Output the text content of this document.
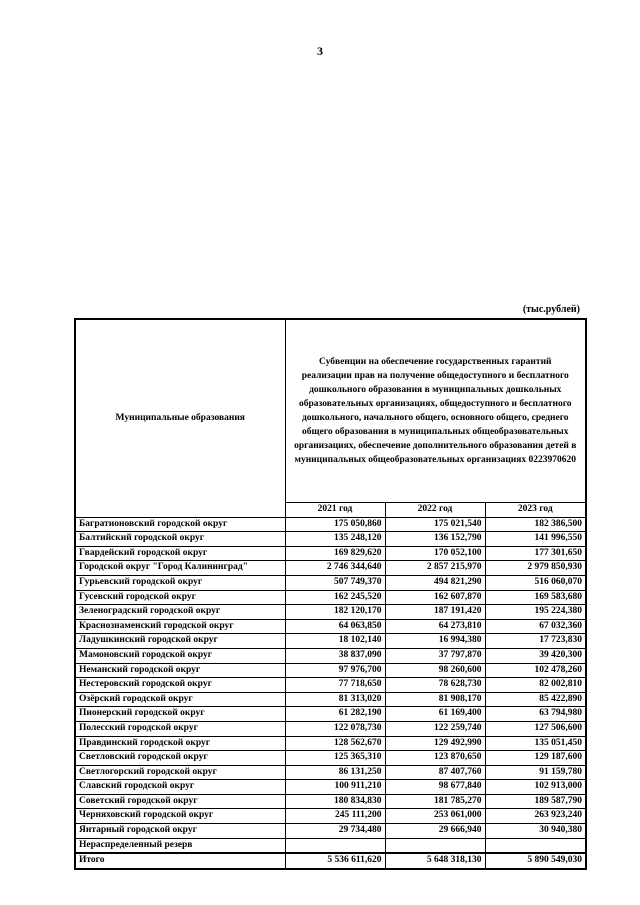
3
(тыс.рублей)
Муниципальные образования	Субвенции на обеспечение государственных гарантий реализации прав на получение общедоступного и бесплатного дошкольного образования в муниципальных дошкольных образовательных организациях, общедоступного и бесплатного дошкольного, начального общего, основного общего, среднего общего образования в муниципальных общеобразовательных организациях, обеспечение дополнительного образования детей в муниципальных общеобразовательных организациях 0223970620		
	2021 год	2022 год	2023 год
Багратионовский городской округ	175 050,860	175 021,540	182 386,500
Балтийский городской округ	135 248,120	136 152,790	141 996,550
Гвардейский городской округ	169 829,620	170 052,100	177 301,650
Городской округ "Город Калининград"	2 746 344,640	2 857 215,970	2 979 850,930
Гурьевский городской округ	507 749,370	494 821,290	516 060,070
Гусевский городской округ	162 245,520	162 607,870	169 583,680
Зеленоградский городской округ	182 120,170	187 191,420	195 224,380
Краснознаменский городской округ	64 063,850	64 273,810	67 032,360
Ладушкинский городской округ	18 102,140	16 994,380	17 723,830
Мамоновский городской округ	38 837,090	37 797,870	39 420,300
Неманский городской округ	97 976,700	98 260,600	102 478,260
Нестеровский городской округ	77 718,650	78 628,730	82 002,810
Озёрский городской округ	81 313,020	81 908,170	85 422,890
Пионерский городской округ	61 282,190	61 169,400	63 794,980
Полесский городской округ	122 078,730	122 259,740	127 506,600
Правдинский городской округ	128 562,670	129 492,990	135 051,450
Светловский городской округ	125 365,310	123 870,650	129 187,600
Светлогорский городской округ	86 131,250	87 407,760	91 159,780
Славский городской округ	100 911,210	98 677,840	102 913,000
Советский городской округ	180 834,830	181 785,270	189 587,790
Черняховский городской округ	245 111,200	253 061,000	263 923,240
Янтарный городской округ	29 734,480	29 666,940	30 940,380
Нераспределенный резерв			
Итого	5 536 611,620	5 648 318,130	5 890 549,030
